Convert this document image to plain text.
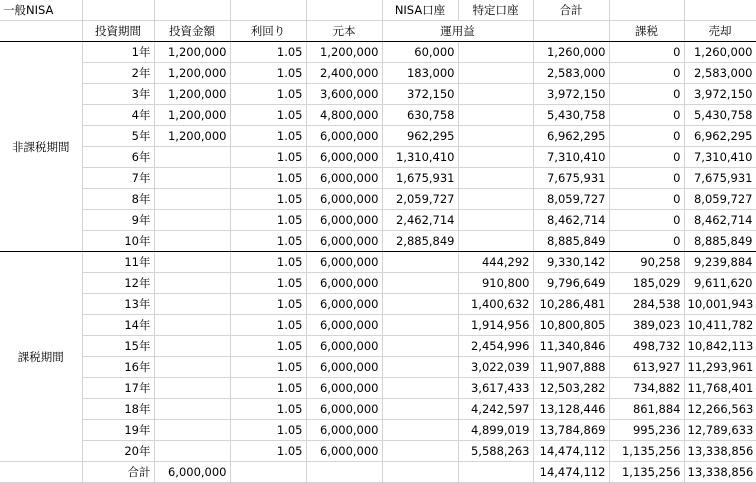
一般NISA					NISA口座	特定口座	合計		
	投資期間	投資金額	利回り	元本	運用益			課税	売却
非課税期間	1年	1,200,000	1.05	1,200,000	60,000		1,260,000	0	1,260,000
	2年	1,200,000	1.05	2,400,000	183,000		2,583,000	0	2,583,000
	3年	1,200,000	1.05	3,600,000	372,150		3,972,150	0	3,972,150
	4年	1,200,000	1.05	4,800,000	630,758		5,430,758	0	5,430,758
	5年	1,200,000	1.05	6,000,000	962,295		6,962,295	0	6,962,295
	6年		1.05	6,000,000	1,310,410		7,310,410	0	7,310,410
	7年		1.05	6,000,000	1,675,931		7,675,931	0	7,675,931
	8年		1.05	6,000,000	2,059,727		8,059,727	0	8,059,727
	9年		1.05	6,000,000	2,462,714		8,462,714	0	8,462,714
	10年		1.05	6,000,000	2,885,849		8,885,849	0	8,885,849
課税期間	11年		1.05	6,000,000		444,292	9,330,142	90,258	9,239,884
	12年		1.05	6,000,000		910,800	9,796,649	185,029	9,611,620
	13年		1.05	6,000,000		1,400,632	10,286,481	284,538	10,001,943
	14年		1.05	6,000,000		1,914,956	10,800,805	389,023	10,411,782
	15年		1.05	6,000,000		2,454,996	11,340,846	498,732	10,842,113
	16年		1.05	6,000,000		3,022,039	11,907,888	613,927	11,293,961
	17年		1.05	6,000,000		3,617,433	12,503,282	734,882	11,768,401
	18年		1.05	6,000,000		4,242,597	13,128,446	861,884	12,266,563
	19年		1.05	6,000,000		4,899,019	13,784,869	995,236	12,789,633
	20年		1.05	6,000,000		5,588,263	14,474,112	1,135,256	13,338,856
	合計	6,000,000					14,474,112	1,135,256	13,338,856
